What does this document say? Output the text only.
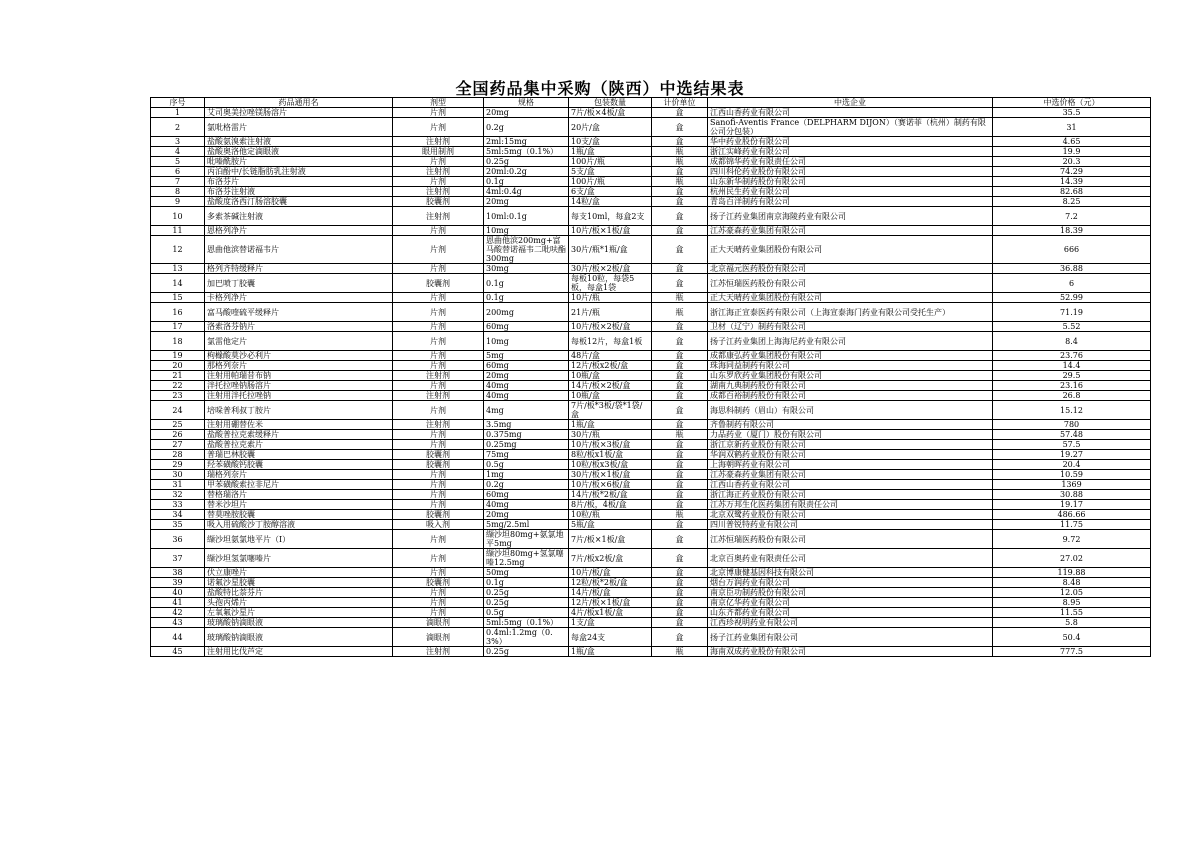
全国药品集中采购（陕西）中选结果表
序号	药品通用名	剂型	规格	包装数量	计价单位	中选企业	中选价格（元）
1	艾司奥美拉唑镁肠溶片	片剂	20mg	7片/板×4板/盒	盒	江西山香药业有限公司	35.5
2	氯吡格雷片	片剂	0.2g	20片/盒	盒	Sanofi-Aventis France（DELPHARM DIJON）（赛诺菲（杭州）制药有限公司分包装）	31
3	盐酸氨溴索注射液	注射剂	2ml:15mg	10支/盒	盒	华中药业股份有限公司	4.65
4	盐酸奥洛他定滴眼液	眼用制剂	5ml:5mg（0.1%）	1瓶/盒	瓶	浙江实峰药业有限公司	19.9
5	吡嗪酰胺片	片剂	0.25g	100片/瓶	瓶	成都锦华药业有限责任公司	20.3
6	丙泊酚中/长链脂肪乳注射液	注射剂	20ml:0.2g	5支/盒	盒	四川科伦药业股份有限公司	74.29
7	布洛芬片	片剂	0.1g	100片/瓶	瓶	山东新华制药股份有限公司	14.39
8	布洛芬注射液	注射剂	4ml:0.4g	6支/盒	盒	杭州民生药业有限公司	82.68
9	盐酸度洛西汀肠溶胶囊	胶囊剂	20mg	14粒/盒	盒	青岛百洋制药有限公司	8.25
10	多索茶碱注射液	注射剂	10ml:0.1g	每支10ml，每盒2支	盒	扬子江药业集团南京海陵药业有限公司	7.2
11	恩格列净片	片剂	10mg	10片/板×1板/盒	盒	江苏豪森药业集团有限公司	18.39
12	恩曲他滨替诺福韦片	片剂	恩曲他滨200mg+富马酸替诺福韦二吡呋酯300mg	30片/瓶*1瓶/盒	盒	正大天晴药业集团股份有限公司	666
13	格列齐特缓释片	片剂	30mg	30片/板×2板/盒	盒	北京福元医药股份有限公司	36.88
14	加巴喷丁胶囊	胶囊剂	0.1g	每板10粒，每袋5板，每盒1袋	盒	江苏恒瑞医药股份有限公司	6
15	卡格列净片	片剂	0.1g	10片/瓶	瓶	正大天晴药业集团股份有限公司	52.99
16	富马酸喹硫平缓释片	片剂	200mg	21片/瓶	瓶	浙江海正宣泰医药有限公司（上海宣泰海门药业有限公司受托生产）	71.19
17	洛索洛芬钠片	片剂	60mg	10片/板×2板/盒	盒	卫材（辽宁）制药有限公司	5.52
18	氯雷他定片	片剂	10mg	每板12片，每盒1板	盒	扬子江药业集团上海海尼药业有限公司	8.4
19	枸橼酸莫沙必利片	片剂	5mg	48片/盒	盒	成都康弘药业集团股份有限公司	23.76
20	那格列奈片	片剂	60mg	12片/板x2板/盒	盒	珠海同益制药有限公司	14.4
21	注射用帕瑞昔布钠	注射剂	20mg	10瓶/盒	盒	山东罗欣药业集团股份有限公司	29.5
22	泮托拉唑钠肠溶片	片剂	40mg	14片/板×2板/盒	盒	湖南九典制药股份有限公司	23.16
23	注射用泮托拉唑钠	注射剂	40mg	10瓶/盒	盒	成都百裕制药股份有限公司	26.8
24	培哚普利叔丁胺片	片剂	4mg	7片/板*3板/袋*1袋/盒	盒	海思科制药（眉山）有限公司	15.12
25	注射用硼替佐米	注射剂	3.5mg	1瓶/盒	盒	齐鲁制药有限公司	780
26	盐酸普拉克索缓释片	片剂	0.375mg	30片/瓶	瓶	力品药业（厦门）股份有限公司	57.48
27	盐酸普拉克索片	片剂	0.25mg	10片/板×3板/盒	盒	浙江京新药业股份有限公司	57.5
28	普瑞巴林胶囊	胶囊剂	75mg	8粒/板x1板/盒	盒	华润双鹤药业股份有限公司	19.27
29	羟苯磺酸钙胶囊	胶囊剂	0.5g	10粒/板x3板/盒	盒	上海朝晖药业有限公司	20.4
30	瑞格列奈片	片剂	1mg	30片/板×1板/盒	盒	江苏豪森药业集团有限公司	10.59
31	甲苯磺酸索拉非尼片	片剂	0.2g	10片/板×6板/盒	盒	江西山香药业有限公司	1369
32	替格瑞洛片	片剂	60mg	14片/板*2板/盒	盒	浙江海正药业股份有限公司	30.88
33	替米沙坦片	片剂	40mg	8片/板，4板/盒	盒	江苏万邦生化医药集团有限责任公司	19.17
34	替莫唑胺胶囊	胶囊剂	20mg	10粒/瓶	瓶	北京双鹭药业股份有限公司	486.66
35	吸入用硫酸沙丁胺醇溶液	吸入剂	5mg/2.5ml	5瓶/盒	盒	四川普锐特药业有限公司	11.75
36	缬沙坦氨氯地平片（Ⅰ）	片剂	缬沙坦80mg+氨氯地平5mg	7片/板×1板/盒	盒	江苏恒瑞医药股份有限公司	9.72
37	缬沙坦氢氯噻嗪片	片剂	缬沙坦80mg+氢氯噻嗪12.5mg	7片/板x2板/盒	盒	北京百奥药业有限责任公司	27.02
38	伏立康唑片	片剂	50mg	10片/板/盒	盒	北京博康健基因科技有限公司	119.88
39	诺氟沙星胶囊	胶囊剂	0.1g	12粒/板*2板/盒	盒	烟台万润药业有限公司	8.48
40	盐酸特比萘芬片	片剂	0.25g	14片/板/盒	盒	南京臣功制药股份有限公司	12.05
41	头孢丙烯片	片剂	0.25g	12片/板×1板/盒	盒	南京亿华药业有限公司	8.95
42	左氧氟沙星片	片剂	0.5g	4片/板x1板/盒	盒	山东齐都药业有限公司	11.55
43	玻璃酸钠滴眼液	滴眼剂	5ml:5mg（0.1%）	1支/盒	盒	江西珍视明药业有限公司	5.8
44	玻璃酸钠滴眼液	滴眼剂	0.4ml:1.2mg（0.3%）	每盒24支	盒	扬子江药业集团有限公司	50.4
45	注射用比伐芦定	注射剂	0.25g	1瓶/盒	瓶	海南双成药业股份有限公司	777.5
